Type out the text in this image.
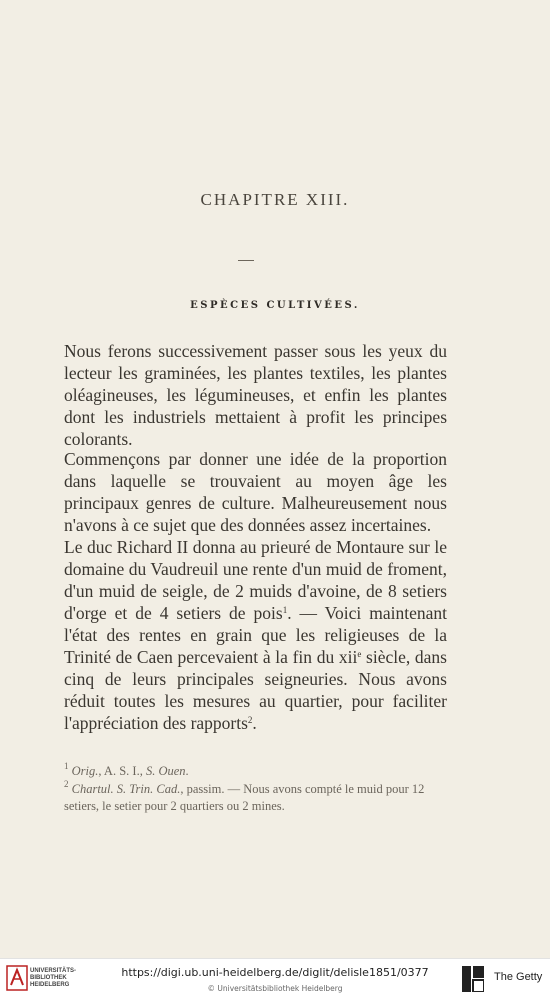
CHAPITRE XIII.
ESPÈCES CULTIVÉES.

Nous ferons successivement passer sous les yeux du lecteur les graminées, les plantes textiles, les plantes oléagineuses, les légumineuses, et enfin les plantes dont les industriels mettaient à profit les principes colorants.

Commençons par donner une idée de la proportion dans laquelle se trouvaient au moyen âge les principaux genres de culture. Malheureusement nous n'avons à ce sujet que des données assez incertaines.

Le duc Richard II donna au prieuré de Montaure sur le domaine du Vaudreuil une rente d'un muid de froment, d'un muid de seigle, de 2 muids d'avoine, de 8 setiers d'orge et de 4 setiers de pois$^1$. — Voici maintenant l'état des rentes en grain que les religieuses de la Trinité de Caen percevaient à la fin du xii$^e$ siècle, dans cinq de leurs principales seigneuries. Nous avons réduit toutes les mesures au quartier, pour faciliter l'appréciation des rapports$^2$.

$^1$ Orig., A. S. I., S. Ouen.
$^2$ Chartul. S. Trin. Cad., passim. — Nous avons compté le muid pour 12 setiers, le setier pour 2 quartiers ou 2 mines.
UNIVERSITÄTS-
BIBLIOTHEK
HEIDELBERG
https://digi.ub.uni-heidelberg.de/diglit/delisle1851/0377
© Universitätsbibliothek Heidelberg
The Getty
